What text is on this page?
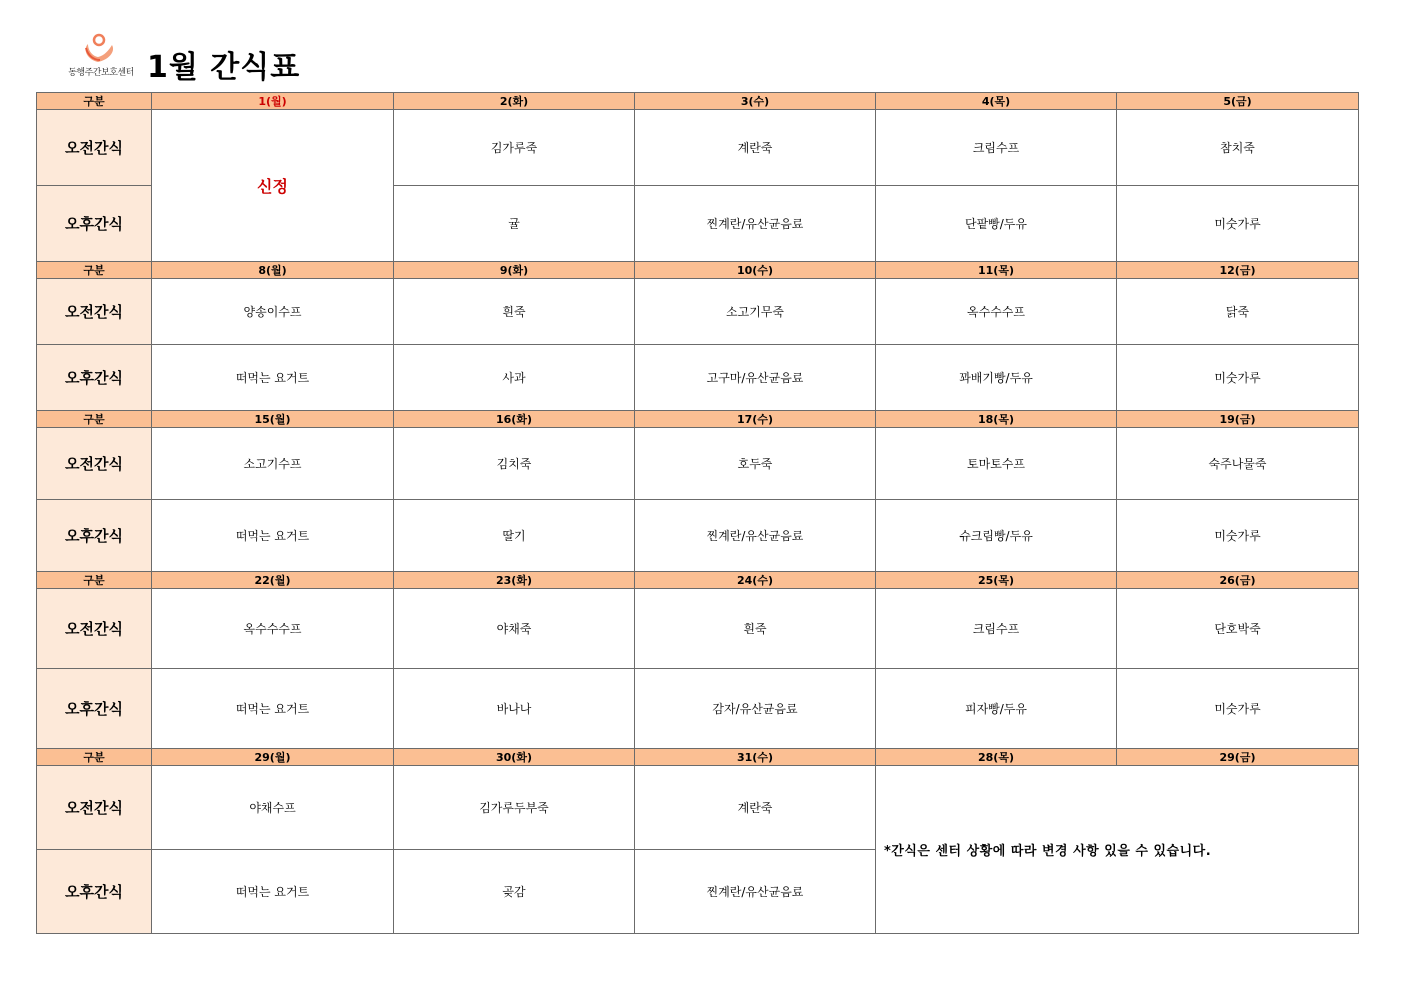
동행주간보호센터 1월 간식표
구분	1(월)	2(화)	3(수)	4(목)	5(금)
오전간식	신정	김가루죽	계란죽	크림수프	참치죽
오후간식		귤	찐계란/유산균음료	단팥빵/두유	미숫가루
구분	8(월)	9(화)	10(수)	11(목)	12(금)
오전간식	양송이수프	흰죽	소고기무죽	옥수수수프	닭죽
오후간식	떠먹는 요거트	사과	고구마/유산균음료	꽈배기빵/두유	미숫가루
구분	15(월)	16(화)	17(수)	18(목)	19(금)
오전간식	소고기수프	김치죽	호두죽	토마토수프	숙주나물죽
오후간식	떠먹는 요거트	딸기	찐계란/유산균음료	슈크림빵/두유	미숫가루
구분	22(월)	23(화)	24(수)	25(목)	26(금)
오전간식	옥수수수프	야채죽	흰죽	크림수프	단호박죽
오후간식	떠먹는 요거트	바나나	감자/유산균음료	피자빵/두유	미숫가루
구분	29(월)	30(화)	31(수)	28(목)	29(금)
오전간식	야채수프	김가루두부죽	계란죽	*간식은 센터 상황에 따라 변경 사항 있을 수 있습니다.	
오후간식	떠먹는 요거트	곶감	찐계란/유산균음료		
